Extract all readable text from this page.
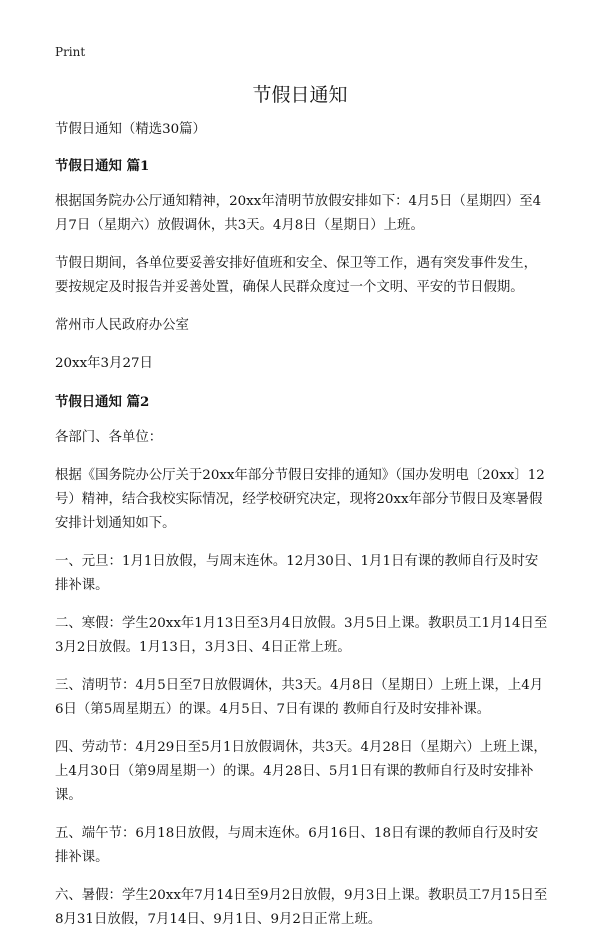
Print
节假日通知

节假日通知（精选30篇）

节假日通知 篇1

根据国务院办公厅通知精神，20xx年清明节放假安排如下：4月5日（星期四）至4月7日（星期六）放假调休，共3天。4月8日（星期日）上班。

节假日期间，各单位要妥善安排好值班和安全、保卫等工作，遇有突发事件发生，要按规定及时报告并妥善处置，确保人民群众度过一个文明、平安的节日假期。

常州市人民政府办公室

20xx年3月27日

节假日通知 篇2

各部门、各单位：

根据《国务院办公厅关于20xx年部分节假日安排的通知》（国办发明电〔20xx〕12号）精神，结合我校实际情况，经学校研究决定，现将20xx年部分节假日及寒暑假安排计划通知如下。

一、元旦：1月1日放假，与周末连休。12月30日、1月1日有课的教师自行及时安排补课。

二、寒假：学生20xx年1月13日至3月4日放假。3月5日上课。教职员工1月14日至3月2日放假。1月13日，3月3日、4日正常上班。

三、清明节：4月5日至7日放假调休，共3天。4月8日（星期日）上班上课，上4月6日（第5周星期五）的课。4月5日、7日有课的 教师自行及时安排补课。

四、劳动节：4月29日至5月1日放假调休，共3天。4月28日（星期六）上班上课，上4月30日（第9周星期一）的课。4月28日、5月1日有课的教师自行及时安排补课。

五、端午节：6月18日放假，与周末连休。6月16日、18日有课的教师自行及时安排补课。

六、暑假：学生20xx年7月14日至9月2日放假，9月3日上课。教职员工7月15日至8月31日放假，7月14日、9月1日、9月2日正常上班。
